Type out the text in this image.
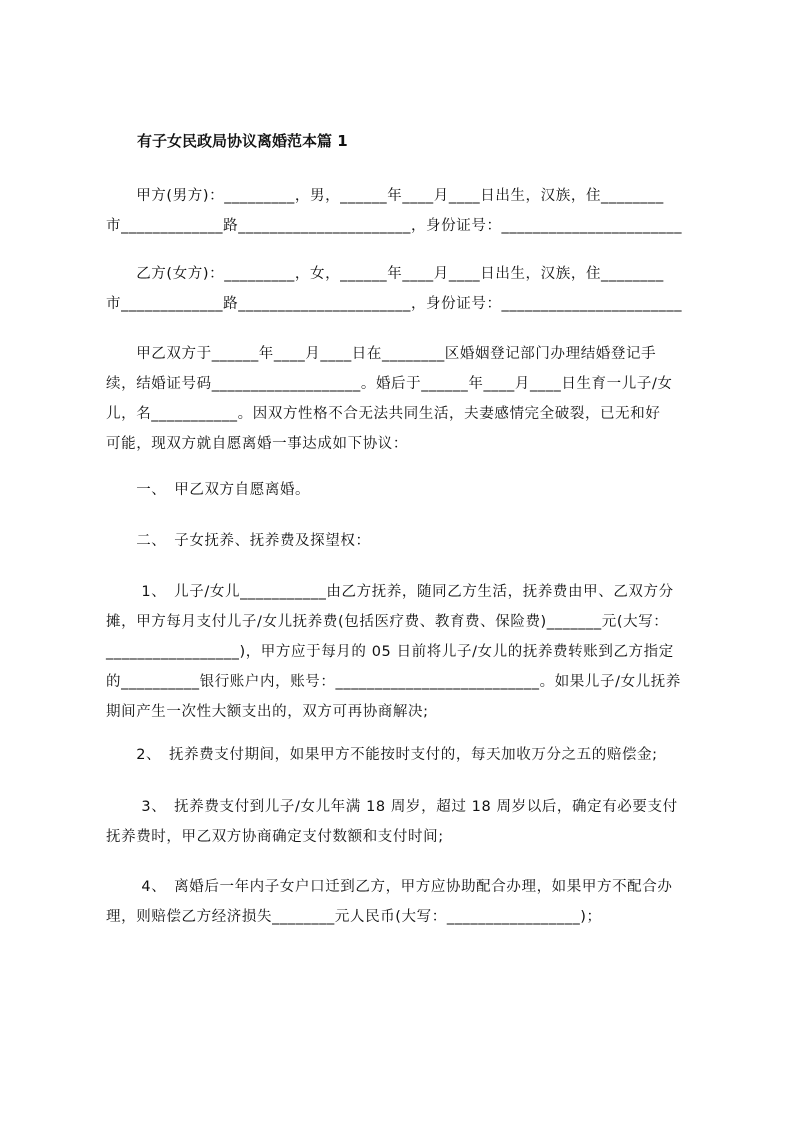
有子女民政局协议离婚范本篇 1
　　甲方(男方)：_________，男，______年____月____日出生，汉族，住________
市_____________路______________________，身份证号：_______________________
　　乙方(女方)：_________，女，______年____月____日出生，汉族，住________
市_____________路______________________，身份证号：_______________________
　　甲乙双方于______年____月____日在________区婚姻登记部门办理结婚登记手
续，结婚证号码___________________。婚后于______年____月____日生育一儿子/女
儿，名___________。因双方性格不合无法共同生活，夫妻感情完全破裂，已无和好
可能，现双方就自愿离婚一事达成如下协议：
　　一、　甲乙双方自愿离婚。
　　二、　子女抚养、抚养费及探望权：
　　 1、　儿子/女儿___________由乙方抚养，随同乙方生活，抚养费由甲、乙双方分
摊，甲方每月支付儿子/女儿抚养费(包括医疗费、教育费、保险费)_______元(大写：
_________________)，甲方应于每月的 05 日前将儿子/女儿的抚养费转账到乙方指定
的__________银行账户内，账号：__________________________。如果儿子/女儿抚养
期间产生一次性大额支出的，双方可再协商解决;
　　2、　抚养费支付期间，如果甲方不能按时支付的，每天加收万分之五的赔偿金;
　　 3、　抚养费支付到儿子/女儿年满 18 周岁，超过 18 周岁以后，确定有必要支付
抚养费时，甲乙双方协商确定支付数额和支付时间;
　　 4、　离婚后一年内子女户口迁到乙方，甲方应协助配合办理，如果甲方不配合办
理，则赔偿乙方经济损失________元人民币(大写：_________________)；
